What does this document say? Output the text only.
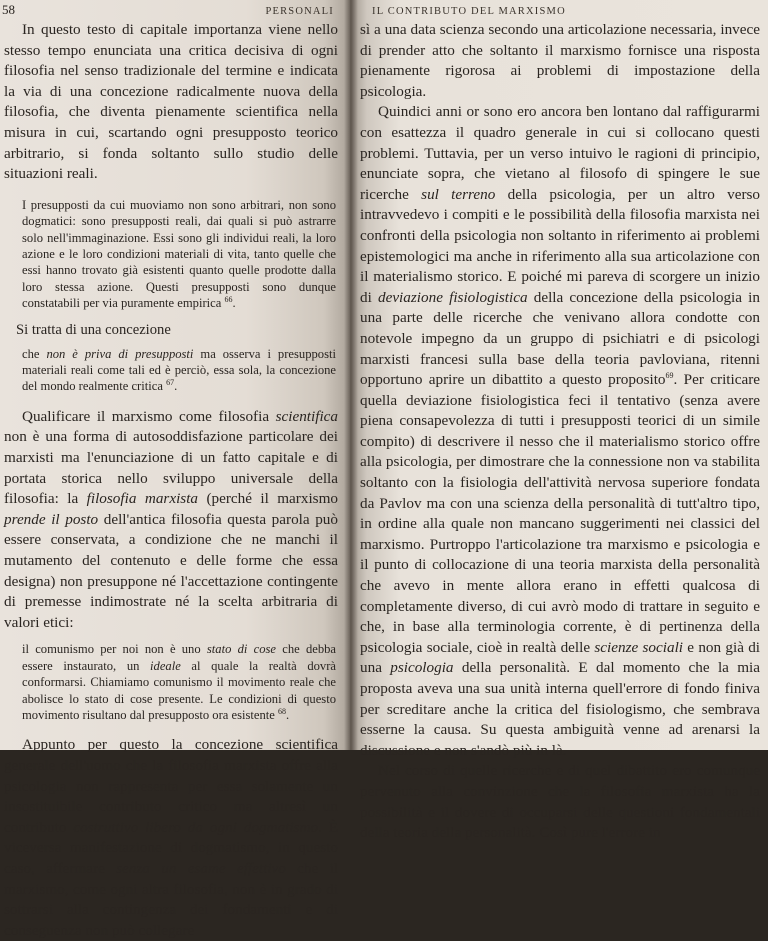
58	PERSONALI

In questo testo di capitale importanza viene nello stesso tempo enunciata una critica decisiva di ogni filosofia nel senso tradizionale del termine e indicata la via di una concezione radicalmente nuova della filosofia, che diventa pienamente scientifica nella misura in cui, scartando ogni presupposto teorico arbitrario, si fonda soltanto sullo studio delle situazioni reali.

I presupposti da cui muoviamo non sono arbitrari, non sono dogmatici: sono presupposti reali, dai quali si può astrarre solo nell'immaginazione. Essi sono gli individui reali, la loro azione e le loro condizioni materiali di vita, tanto quelle che essi hanno trovato già esistenti quanto quelle prodotte dalla loro stessa azione. Questi presupposti sono dunque constatabili per via puramente empirica $^{66}$.

Si tratta di una concezione

che non è priva di presupposti ma osserva i presupposti materiali reali come tali ed è perciò, essa sola, la concezione del mondo realmente critica $^{67}$.

Qualificare il marxismo come filosofia scientifica non è una forma di autosoddisfazione particolare dei marxisti ma l'enunciazione di un fatto capitale e di portata storica nello sviluppo universale della filosofia: la filosofia marxista (perché il marxismo prende il posto dell'antica filosofia questa parola può essere conservata, a condizione che ne manchi il mutamento del contenuto e delle forme che essa designa) non presuppone né l'accettazione contingente di premesse indimostrate né la scelta arbitraria di valori etici:

il comunismo per noi non è uno stato di cose che debba essere instaurato, un ideale al quale la realtà dovrà conformarsi. Chiamiamo comunismo il movimento reale che abolisce lo stato di cose presente. Le condizioni di questo movimento risultano dal presupposto ora esistente $^{68}$.

Appunto per questo la concezione scientifica generale dell'uomo che la filosofia marxista offre alla psicologia non rappresenta per essa solamente un insostituibile contributo critico ma altresì un contributo costruttivo libero da ogni dogmatismo. È viceversa manifestazione di dogmatismo, in questo caso, affermare senza un esame effettivo che il marxismo, come ogni altra filosofia, non è in grado di sottrarsi alla contingenza dei fondamenti e di conseguenza non può collegare

IL CONTRIBUTO DEL MARXISMO

sì a una data scienza secondo una articolazione necessaria, invece di prender atto che soltanto il marxismo fornisce una risposta pienamente rigorosa ai problemi di impostazione della psicologia.

Quindici anni or sono ero ancora ben lontano dal raffigurarmi con esattezza il quadro generale in cui si collocano questi problemi. Tuttavia, per un verso intuivo le ragioni di principio, enunciate sopra, che vietano al filosofo di spingere le sue ricerche sul terreno della psicologia, per un altro verso intravvedevo i compiti e le possibilità della filosofia marxista nei confronti della psicologia non soltanto in riferimento ai problemi epistemologici ma anche in riferimento alla sua articolazione con il materialismo storico. E poiché mi pareva di scorgere un inizio di deviazione fisiologistica della concezione della psicologia in una parte delle ricerche che venivano allora condotte con notevole impegno da un gruppo di psichiatri e di psicologi marxisti francesi sulla base della teoria pavloviana, ritenni opportuno aprire un dibattito a questo proposito$^{69}$. Per criticare quella deviazione fisiologistica feci il tentativo (senza avere piena consapevolezza di tutti i presupposti teorici di un simile compito) di descrivere il nesso che il materialismo storico offre alla psicologia, per dimostrare che la connessione non va stabilita soltanto con la fisiologia dell'attività nervosa superiore fondata da Pavlov ma con una scienza della personalità di tutt'altro tipo, in ordine alla quale non mancano suggerimenti nei classici del marxismo. Purtroppo l'articolazione tra marxismo e psicologia e il punto di collocazione di una teoria marxista della personalità che avevo in mente allora erano in effetti qualcosa di completamente diverso, di cui avrò modo di trattare in seguito e che, in base alla terminologia corrente, è di pertinenza della psicologia sociale, cioè in realtà delle scienze sociali e non già di una psicologia della personalità. E dal momento che la mia proposta aveva una sua unità interna quell'errore di fondo finiva per screditare anche la critica del fisiologismo, che sembrava esserne la causa. Su questa ambiguità venne ad arenarsi la discussione e non s'andò più in là.

Nel corso di quelle ricerche e di quel dibattito ero comunque pervenuto alla convinzione che la filosofia marxista ha la possibilità e il dovere di occuparsi delle questioni fondamentali della teoria della personalità. Così pure l'errore in
